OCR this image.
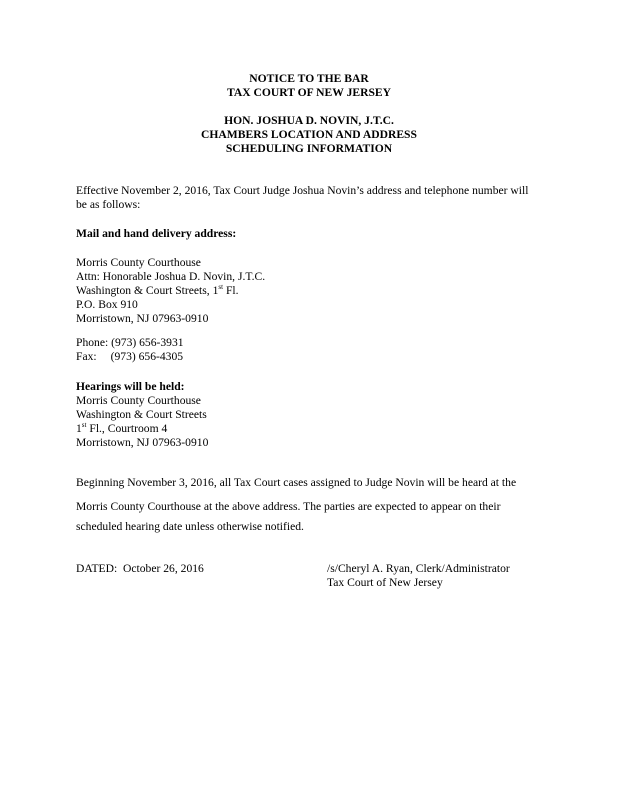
NOTICE TO THE BAR
TAX COURT OF NEW JERSEY
HON. JOSHUA D. NOVIN, J.T.C.
CHAMBERS LOCATION AND ADDRESS
SCHEDULING INFORMATION
Effective November 2, 2016, Tax Court Judge Joshua Novin’s address and telephone number will
be as follows:
Mail and hand delivery address:
Morris County Courthouse
Attn: Honorable Joshua D. Novin, J.T.C.
Washington & Court Streets, 1st Fl.
P.O. Box 910
Morristown, NJ 07963-0910
Phone: (973) 656-3931
Fax: (973) 656-4305
Hearings will be held:
Morris County Courthouse
Washington & Court Streets
1st Fl., Courtroom 4
Morristown, NJ 07963-0910
Beginning November 3, 2016, all Tax Court cases assigned to Judge Novin will be heard at the
Morris County Courthouse at the above address. The parties are expected to appear on their
scheduled hearing date unless otherwise notified.
DATED: October 26, 2016	/s/Cheryl A. Ryan, Clerk/Administrator
Tax Court of New Jersey
